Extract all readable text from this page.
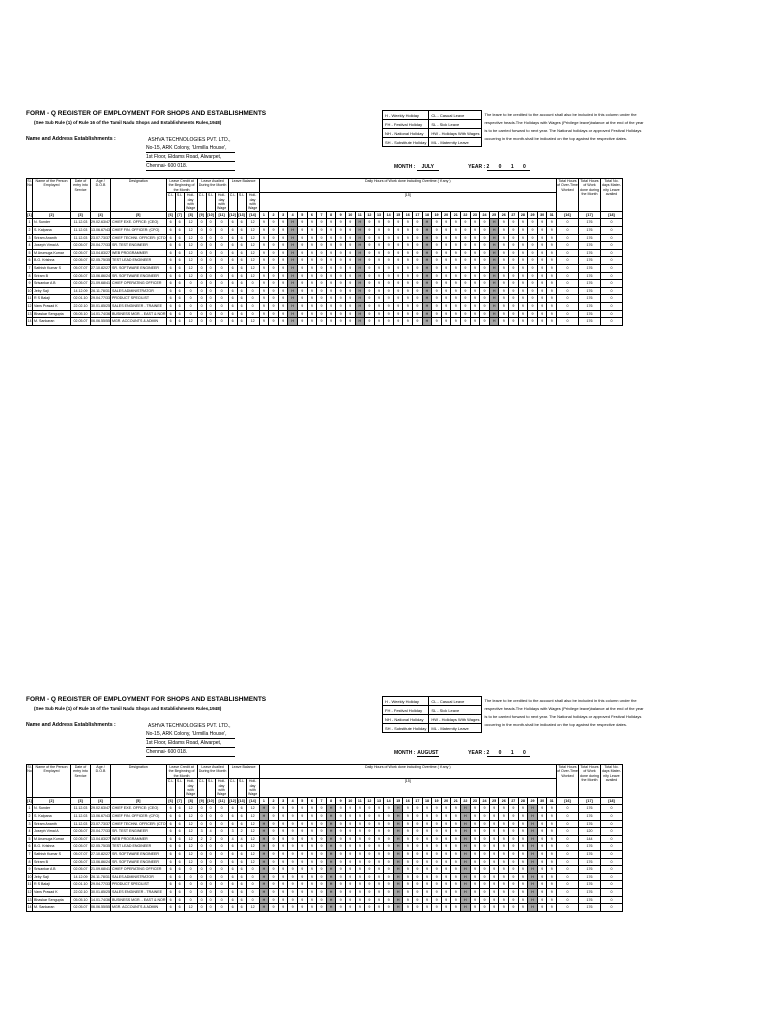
FORM - Q REGISTER OF EMPLOYMENT FOR SHOPS AND ESTABLISHMENTS
(See Sub Rule (1) of Rule 16 of the Tamil Nadu Shops and Establishments Rules,1948)
Name and Address Establishments :	ASHVA TECHNOLOGIES PVT. LTD.,
No-15, ARK Colony, 'Urmilla House',
1st Floor, Eldams Road, Alwarpet,
Chennai- 600 018.
H - Weekly Holiday	CL - Casual Leave	The leave to be credited to the account shall also be included in this column under the respective heads.The Holidays with Wages (Privilege leave)balance at the end of the year is to be carried forward to next year. The National holidays or approved Festival Holidays occurring in the month.shall be indicated on the top against the respective dates.
FH - Festival Holiday	SL - Sick Leave	
NH - National Holiday	HW - Holidays With Wages	
SH - Substitute Holiday	ML - Maternity Leave	
MONTH : JULY	YEAR : 2 0 1 0
Sl. No	Name of the Person Employed	Date of entry into Service	Age / D.O.B	Designation	Leave Credit at the Beginning of the Month			Leave Availed During the Month			Leave Balance			Daily Hours of Work done including Overtime ( if any )																															Total Hours of Over-Time Worked	Total Hours of Work done during the Month	Total No. days Mater-nity Leave availed
					C.L	S.L	Holi-day with Wage	C.L	S.L	Holi-day with Wage	C.L	S.L	Holi-day with Wage	[15]																																	

[1]	[2]	[3]	[4]	[5]	[6]	[7]	[8]	[9]	[10]	[11]	[12]	[13]	[14]	1	2	3	4	5	6	7	8	9	10	11	12	13	14	15	16	17	18	19	20	21	22	23	24	25	26	27	28	29	30	31	[16]	[17]	[18]
1	N. Sunder	11.12.03	29.02.63/47	CHIEF EXE. OFFICE: (CEO)	6	6	12	0	0	0	6	6	12	9	9	9	H	9	9	9	9	9	9	H	9	9	9	9	9	9	H	9	9	9	9	9	9	H	9	9	9	9	9	9	0	176	0
2	S. Kalpana	11.12.03	13.06.67/43	CHIEF FIN. OFFICER: (CFO)	6	6	12	0	0	0	6	6	12	9	9	9	H	9	9	9	9	9	9	H	9	9	9	9	9	9	H	9	9	9	9	9	9	H	9	9	9	9	9	9	0	176	0
3	Sriram Ananth	11.12.03	23.07.73/37	CHIEF TECHNI. OFFICER: (CTO	6	6	12	0	0	0	6	6	12	9	9	9	H	9	9	9	9	9	9	H	9	9	9	9	9	9	H	9	9	9	9	9	9	H	9	9	9	9	9	9	0	176	0
4	Joseph Vimal A	02.05.07	20.04.77/33	SR. TEST ENGINEER	6	6	12	0	0	0	6	6	12	9	9	9	H	9	9	9	9	9	9	H	9	9	9	9	9	9	H	9	9	9	9	9	9	H	9	9	9	9	9	9	0	176	0
5	M Arumuga Kumar	02.05.07	13.04.83/27	WEB PROGRAMMER	6	6	12	0	0	0	6	6	12	9	9	9	H	9	9	9	9	9	9	H	9	9	9	9	9	9	H	9	9	9	9	9	9	H	9	9	9	9	9	9	0	176	0
6	B.G. Krishna	02.05.07	02.05.75/35	TEST LEAD ENGINEER	6	6	12	0	0	0	6	6	12	9	9	9	H	9	9	9	9	9	9	H	9	9	9	9	9	9	H	9	9	9	9	9	9	H	9	9	9	9	9	9	0	176	0
7	Sathish Kumar S	05.07.07	27.10.82/27	SR. SOFTWARE ENGINEER	6	6	12	0	0	0	6	6	12	9	9	9	H	9	9	9	9	9	9	H	9	9	9	9	9	9	H	9	9	9	9	9	9	H	9	9	9	9	9	9	0	176	0
8	Sriram B	02.05.07	13.06.86/24	SR. SOFTWARE ENGINEER	6	6	12	0	0	0	6	6	12	9	9	9	H	9	9	9	9	9	9	H	9	9	9	9	9	9	H	9	9	9	9	9	9	H	9	9	9	9	9	9	0	176	0
9	Srisankar A B	02.05.07	21.09.68/41	CHIEF OPERATING OFFICER	6	6	0	0	0	0	6	6	0	9	9	9	H	9	9	9	9	9	9	H	9	9	9	9	9	9	H	9	9	9	9	9	9	H	9	9	9	9	9	9	0	176	0
10	Jeby Saji	14.12.09	26.11.78/31	SALES ADMINISTRATOR	6	6	0	0	0	0	6	6	0	9	9	9	H	9	9	9	9	9	9	H	9	9	9	9	9	9	H	9	9	9	9	9	9	H	9	9	9	9	9	9	0	176	0
11	R S Balaji	02.01.10	29.04.77/33	PRODUCT SPECILIST	6	6	0	0	0	0	6	6	0	9	9	9	H	9	9	9	9	9	9	H	9	9	9	9	9	9	H	9	9	9	9	9	9	H	9	9	9	9	9	9	0	176	0
12	Vans Prasad K	22.02.10	30.01.85/25	SALES ENGINEER - TRAINEE	6	6	0	0	0	0	6	6	0	9	9	9	H	9	9	9	9	9	9	H	9	9	9	9	9	9	H	9	9	9	9	9	9	H	9	9	9	9	9	9	0	176	0
13	Bhaskar Sengupta	05.05.10	14.01.74/36	BUSINESS MGR. - EAST & NOR	6	6	0	0	0	0	6	6	0	9	9	9	H	9	9	9	9	9	9	H	9	9	9	9	9	9	H	9	9	9	9	9	9	H	9	9	9	9	9	9	0	176	0
14	M. Sankaran	02.05.07	06.06.55/55	MGR. ACCOUNTS & ADMIN	6	6	12	0	0	0	6	6	12	9	9	9	H	9	9	9	9	9	9	H	9	9	9	9	9	9	H	9	9	9	9	9	9	H	9	9	9	9	9	9	0	176	0
FORM - Q REGISTER OF EMPLOYMENT FOR SHOPS AND ESTABLISHMENTS
(See Sub Rule (1) of Rule 16 of the Tamil Nadu Shops and Establishments Rules,1948)
Name and Address Establishments :	ASHVA TECHNOLOGIES PVT. LTD.,
No-15, ARK Colony, 'Urmilla House',
1st Floor, Eldams Road, Alwarpet,
Chennai- 600 018.
H - Weekly Holiday	CL - Casual Leave	The leave to be credited to the account shall also be included in this column under the respective heads.The Holidays with Wages (Privilege leave)balance at the end of the year is to be carried forward to next year. The National holidays or approved Festival Holidays occurring in the month.shall be indicated on the top against the respective dates.
FH - Festival Holiday	SL - Sick Leave	
NH - National Holiday	HW - Holidays With Wages	
SH - Substitute Holiday	ML - Maternity Leave	
MONTH : AUGUST	YEAR : 2 0 1 0
Sl. No	Name of the Person Employed	Date of entry into Service	Age / D.O.B	Designation	Leave Credit at the Beginning of the Month			Leave Availed During the Month			Leave Balance			Daily Hours of Work done including Overtime ( if any )																															Total Hours of Over-Time Worked	Total Hours of Work done during the Month	Total No. days Mater-nity Leave availed
					C.L	S.L	Holi-day with Wage	C.L	S.L	Holi-day with Wage	C.L	S.L	Holi-day with Wage	[15]																																	

[1]	[2]	[3]	[4]	[5]	[6]	[7]	[8]	[9]	[10]	[11]	[12]	[13]	[14]	1	2	3	4	5	6	7	8	9	10	11	12	13	14	15	16	17	18	19	20	21	22	23	24	25	26	27	28	29	30	31	[16]	[17]	[18]
1	N. Sunder	11.12.03	29.02.63/47	CHIEF EXE. OFFICE: (CEO)	6	6	12	0	0	0	6	6	12	H	9	9	9	9	9	9	H	9	9	9	9	9	9	H	9	9	9	9	9	9	H	9	9	9	9	9	9	H	9	9	0	176	0
2	S. Kalpana	11.12.03	13.06.67/43	CHIEF FIN. OFFICER: (CFO)	6	6	12	0	0	0	6	6	12	H	9	9	9	9	9	9	H	9	9	9	9	9	9	H	9	9	9	9	9	9	H	9	9	9	9	9	9	H	9	9	0	176	0
3	Sriram Ananth	11.12.03	23.07.73/37	CHIEF TECHNI. OFFICER: (CTO	6	6	12	0	0	0	6	6	12	H	9	9	9	9	9	9	H	9	9	9	9	9	9	H	9	9	9	9	9	9	H	9	9	9	9	9	9	H	9	9	0	176	0
4	Joseph Vimal A	02.05.07	20.04.77/33	SR. TEST ENGINEER	6	6	12	3	4	0	3	2	12	H	9	9	9	9	9	9	H	9	9	9	9	9	9	H	9	9	9	9	9	9	H	9	9	9	9	9	9	H	9	9	0	120	0
5	M Arumuga Kumar	02.05.07	13.04.83/27	WEB PROGRAMMER	6	6	12	2	2	0	4	4	12	H	9	9	9	9	9	9	H	9	9	9	9	9	9	H	9	9	9	9	9	9	H	9	9	9	9	9	9	H	9	9	0	144	0
6	B.G. Krishna	02.05.07	02.05.75/35	TEST LEAD ENGINEER	6	6	12	0	0	0	6	6	12	H	9	9	9	9	9	9	H	9	9	9	9	9	9	H	9	9	9	9	9	9	H	9	9	9	9	9	9	H	9	9	0	176	0
7	Sathish Kumar S	05.07.07	27.10.82/27	SR. SOFTWARE ENGINEER	6	6	12	0	0	0	6	6	12	H	9	9	9	9	9	9	H	9	9	9	9	9	9	H	9	9	9	9	9	9	H	9	9	9	9	9	9	H	9	9	0	176	0
8	Sriram B	02.05.07	13.06.86/24	SR. SOFTWARE ENGINEER	6	6	12	0	0	0	6	6	12	H	9	9	9	9	9	9	H	9	9	9	9	9	9	H	9	9	9	9	9	9	H	9	9	9	9	9	9	H	9	9	0	176	0
9	Srisankar A B	02.05.07	21.09.68/41	CHIEF OPERATING OFFICER	6	6	0	0	0	0	6	6	0	H	9	9	9	9	9	9	H	9	9	9	9	9	9	H	9	9	9	9	9	9	H	9	9	9	9	9	9	H	9	9	0	176	0
10	Jeby Saji	14.12.09	26.11.78/31	SALES ADMINISTRATOR	6	6	0	0	0	0	6	6	0	H	9	9	9	9	9	9	H	9	9	9	9	9	9	H	9	9	9	9	9	9	H	9	9	9	9	9	9	H	9	9	0	176	0
11	R S Balaji	02.01.10	29.04.77/33	PRODUCT SPECILIST	6	6	0	0	0	0	6	6	0	H	9	9	9	9	9	9	H	9	9	9	9	9	9	H	9	9	9	9	9	9	H	9	9	9	9	9	9	H	9	9	0	176	0
12	Vans Prasad K	22.02.10	30.01.85/25	SALES ENGINEER - TRAINEE	6	6	0	0	0	0	6	6	0	H	9	9	9	9	9	9	H	9	9	9	9	9	9	H	9	9	9	9	9	9	H	9	9	9	9	9	9	H	9	9	0	176	0
13	Bhaskar Sengupta	05.05.10	14.01.74/36	BUSINESS MGR. - EAST & NOR	6	6	0	0	0	0	6	6	0	H	9	9	9	9	9	9	H	9	9	9	9	9	9	H	9	9	9	9	9	9	H	9	9	9	9	9	9	H	9	9	0	176	0
14	M. Sankaran	02.05.07	06.06.55/55	MGR. ACCOUNTS & ADMIN	6	6	12	0	0	0	6	6	12	H	9	9	9	9	9	9	H	9	9	9	9	9	9	H	9	9	9	9	9	9	H	9	9	9	9	9	9	H	9	9	0	176	0
